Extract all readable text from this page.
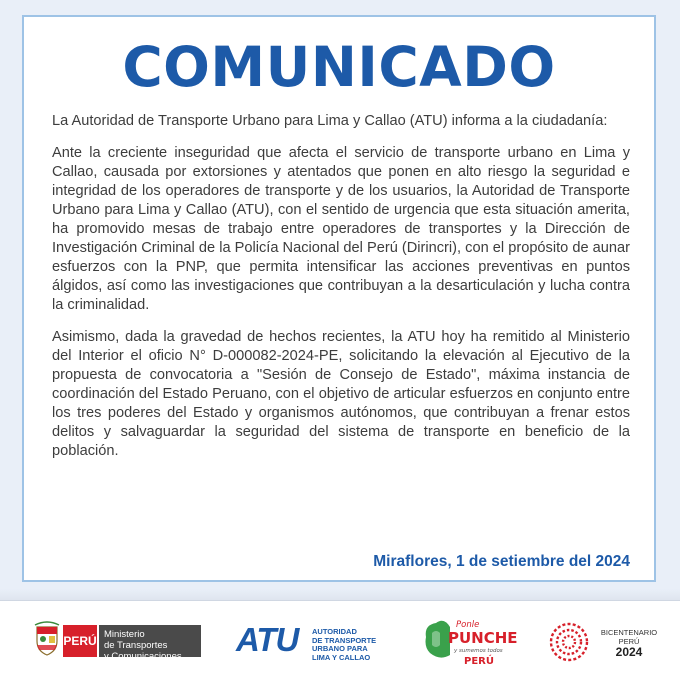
COMUNICADO

La Autoridad de Transporte Urbano para Lima y Callao (ATU) informa a la ciudadanía:

Ante la creciente inseguridad que afecta el servicio de transporte urbano en Lima y Callao, causada por extorsiones y atentados que ponen en alto riesgo la seguridad e integridad de los operadores de transporte y de los usuarios, la Autoridad de Transporte Urbano para Lima y Callao (ATU), con el sentido de urgencia que esta situación amerita, ha promovido mesas de trabajo entre operadores de transportes y la Dirección de Investigación Criminal de la Policía Nacional del Perú (Dirincri), con el propósito de aunar esfuerzos con la PNP, que permita intensificar las acciones preventivas en puntos álgidos, así como las investigaciones que contribuyan a la desarticulación y lucha contra la criminalidad.

Asimismo, dada la gravedad de hechos recientes, la ATU hoy ha remitido al Ministerio del Interior el oficio N° D-000082-2024-PE, solicitando la elevación al Ejecutivo de la propuesta de convocatoria a "Sesión de Consejo de Estado", máxima instancia de coordinación del Estado Peruano, con el objetivo de articular esfuerzos en conjunto entre los tres poderes del Estado y organismos autónomos, que contribuyan a frenar estos delitos y salvaguardar la seguridad del sistema de transporte en beneficio de la población.

Miraflores, 1 de setiembre del 2024
PERÚ Ministerio
de Transportes
y Comunicaciones	ATU	AUTORIDAD
DE TRANSPORTE
URBANO PARA
LIMA Y CALLAO
Ponle
PUNCHE
y sumemos todos
PERÚ
BICENTENARIO
PERÚ
2024
